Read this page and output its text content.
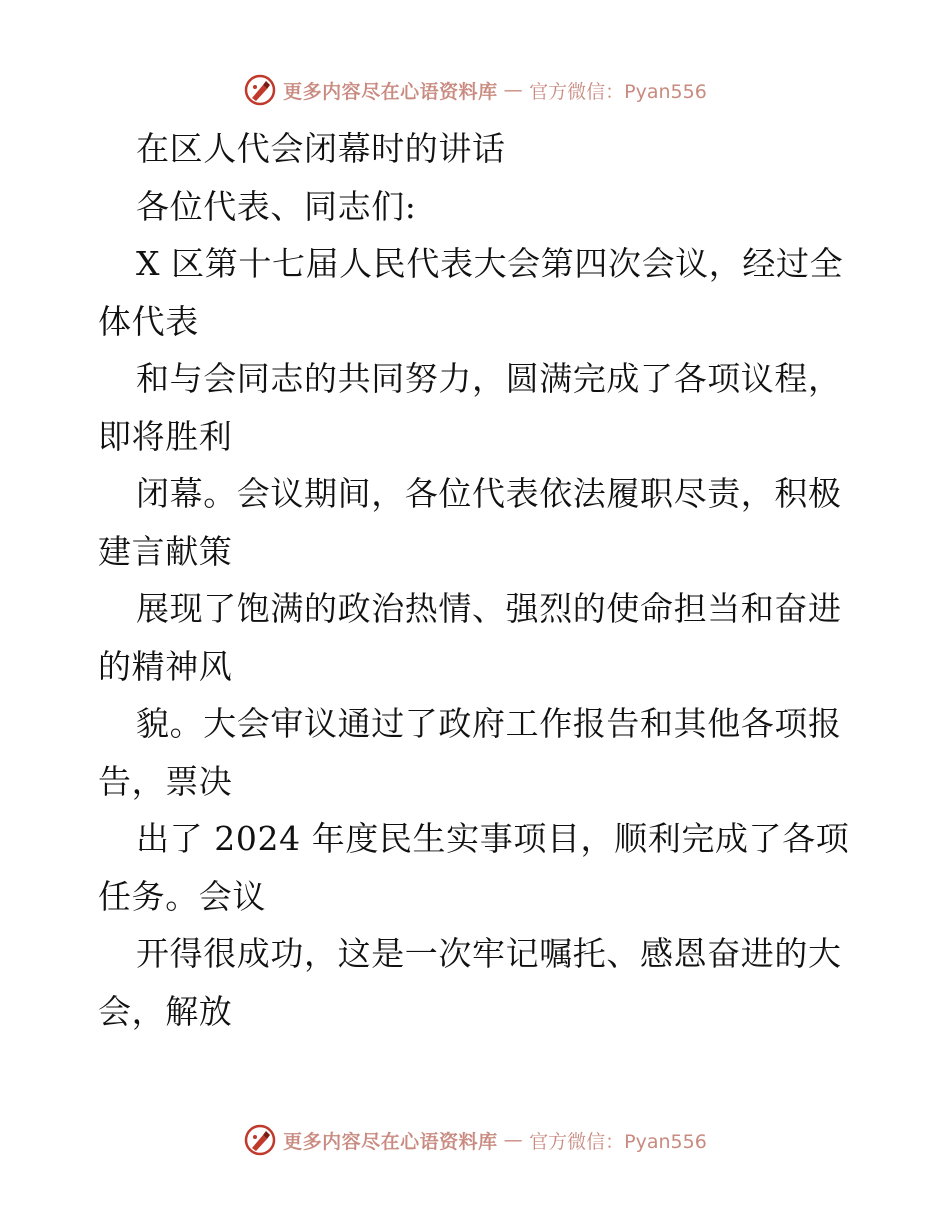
更多内容尽在心语资料库 — 官方微信：Pyan556
在区人代会闭幕时的讲话
各位代表、同志们:
X 区第十七届人民代表大会第四次会议，经过全
体代表
和与会同志的共同努力，圆满完成了各项议程，
即将胜利
闭幕。会议期间，各位代表依法履职尽责，积极
建言献策
展现了饱满的政治热情、强烈的使命担当和奋进
的精神风
貌。大会审议通过了政府工作报告和其他各项报
告，票决
出了 2024 年度民生实事项目，顺利完成了各项
任务。会议
开得很成功，这是一次牢记嘱托、感恩奋进的大
会，解放
更多内容尽在心语资料库 — 官方微信：Pyan556
